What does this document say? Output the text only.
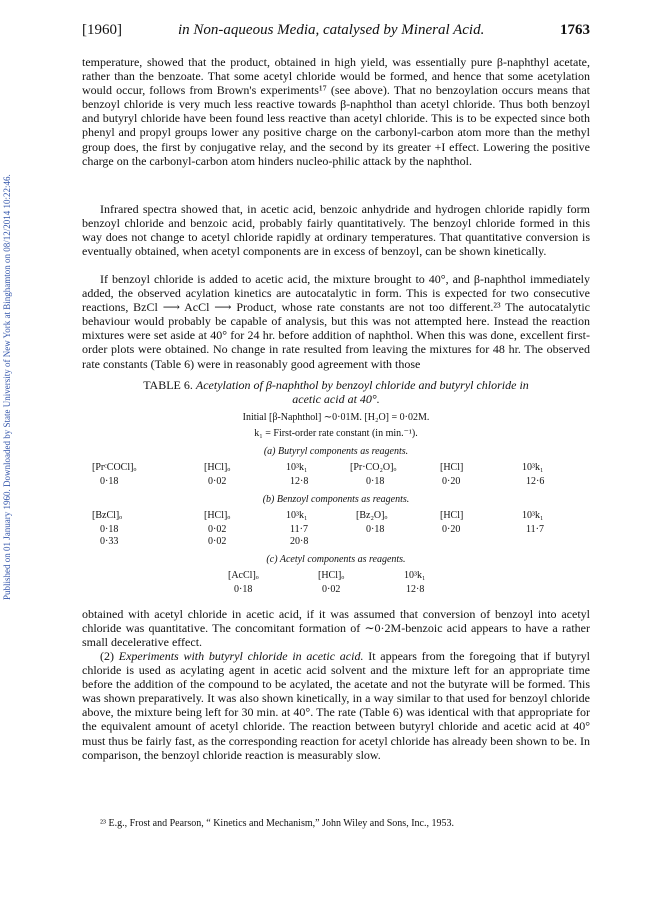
Published on 01 January 1960. Downloaded by State University of New York at Binghamton on 08/12/2014 10:22:46.
[1960]	in Non-aqueous Media, catalysed by Mineral Acid.	1763

temperature, showed that the product, obtained in high yield, was essentially pure β-naphthyl acetate, rather than the benzoate. That some acetyl chloride would be formed, and hence that some acetylation would occur, follows from Brown's experiments¹⁷ (see above). That no benzoylation occurs means that benzoyl chloride is very much less reactive towards β-naphthol than acetyl chloride. Thus both benzoyl and butyryl chloride have been found less reactive than acetyl chloride. This is to be expected since both phenyl and propyl groups lower any positive charge on the carbonyl-carbon atom more than the methyl group does, the first by conjugative relay, and the second by its greater +I effect. Lowering the positive charge on the carbonyl-carbon atom hinders nucleo-philic attack by the naphthol.

Infrared spectra showed that, in acetic acid, benzoic anhydride and hydrogen chloride rapidly form benzoyl chloride and benzoic acid, probably fairly quantitatively. The benzoyl chloride formed in this way does not change to acetyl chloride rapidly at ordinary temperatures. That quantitative conversion is eventually obtained, when acetyl components are in excess of benzoyl, can be shown kinetically.

If benzoyl chloride is added to acetic acid, the mixture brought to 40°, and β-naphthol immediately added, the observed acylation kinetics are autocatalytic in form. This is expected for two consecutive reactions, BzCl ⟶ AcCl ⟶ Product, whose rate constants are not too different.²³ The autocatalytic behaviour would probably be capable of analysis, but this was not attempted here. Instead the reaction mixtures were set aside at 40° for 24 hr. before addition of naphthol. When this was done, excellent first-order plots were obtained. No change in rate resulted from leaving the mixtures for 48 hr. The observed rate constants (Table 6) were in reasonably good agreement with those

TABLE 6. Acetylation of β-naphthol by benzoyl chloride and butyryl chloride in
acetic acid at 40°.
Initial [β-Naphthol] ∼0·01M. [H₂O] = 0·02M.
k₁ = First-order rate constant (in min.⁻¹).
(a) Butyryl components as reagents.
[PrᶜCOCl]ₒ	[HCl]ₒ	10³k₁	[Pr·CO₂O]ₒ	[HCl]	10³k₁
0·18	0·02	12·8	0·18	0·20	12·6
(b) Benzoyl components as reagents.
[BzCl]ₒ	[HCl]ₒ	10³k₁	[Bz₂O]ₒ	[HCl]	10³k₁
0·18	0·02	11·7	0·18	0·20	11·7
0·33	0·02	20·8
(c) Acetyl components as reagents.
[AcCl]ₒ	[HCl]ₒ	10³k₁
0·18	0·02	12·8

obtained with acetyl chloride in acetic acid, if it was assumed that conversion of benzoyl into acetyl chloride was quantitative. The concomitant formation of ∼0·2M-benzoic acid appears to have a rather small decelerative effect.

(2) Experiments with butyryl chloride in acetic acid. It appears from the foregoing that if butyryl chloride is used as acylating agent in acetic acid solvent and the mixture left for an appropriate time before the addition of the compound to be acylated, the acetate and not the butyrate will be formed. This was shown preparatively. It was also shown kinetically, in a way similar to that used for benzoyl chloride above, the mixture being left for 30 min. at 40°. The rate (Table 6) was identical with that appropriate for the equivalent amount of acetyl chloride. The reaction between butyryl chloride and acetic acid at 40° must thus be fairly fast, as the corresponding reaction for acetyl chloride has already been shown to be. In comparison, the benzoyl chloride reaction is measurably slow.

²³ E.g., Frost and Pearson, “ Kinetics and Mechanism,” John Wiley and Sons, Inc., 1953.
